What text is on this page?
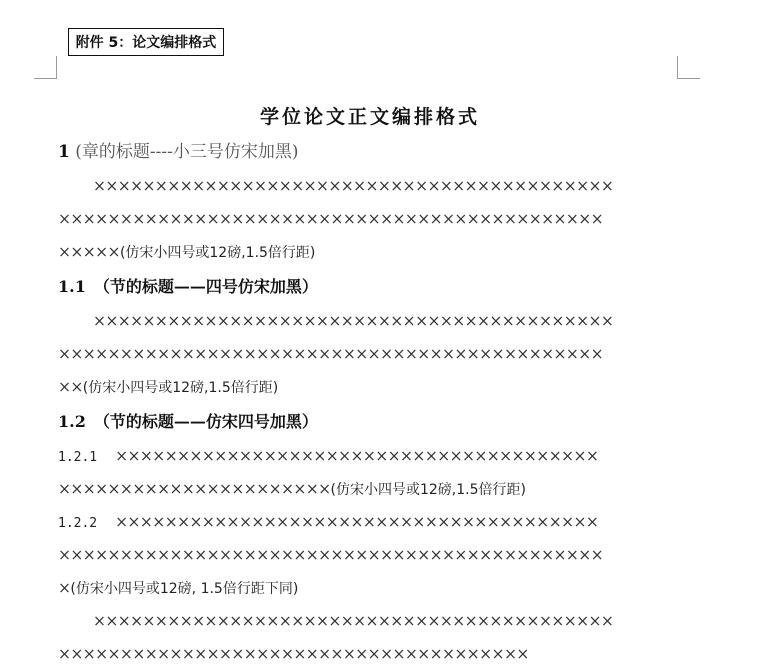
附件 5：论文编排格式
学位论文正文编排格式
1 (章的标题----小三号仿宋加黑)
××××××××××××××××××××××××××××××××××××××××××
××××××××××××××××××××××××××××××××××××××××××××
×××××(仿宋小四号或12磅,1.5倍行距)
1.1　（节的标题——四号仿宋加黑）
××××××××××××××××××××××××××××××××××××××××××
××××××××××××××××××××××××××××××××××××××××××××
××(仿宋小四号或12磅,1.5倍行距)
1.2　（节的标题——仿宋四号加黑）
1.2.1 ×××××××××××××××××××××××××××××××××××××××
××××××××××××××××××××××(仿宋小四号或12磅,1.5倍行距)
1.2.2 ×××××××××××××××××××××××××××××××××××××××
××××××××××××××××××××××××××××××××××××××××××××
×(仿宋小四号或12磅, 1.5倍行距下同)
××××××××××××××××××××××××××××××××××××××××××
××××××××××××××××××××××××××××××××××××××
